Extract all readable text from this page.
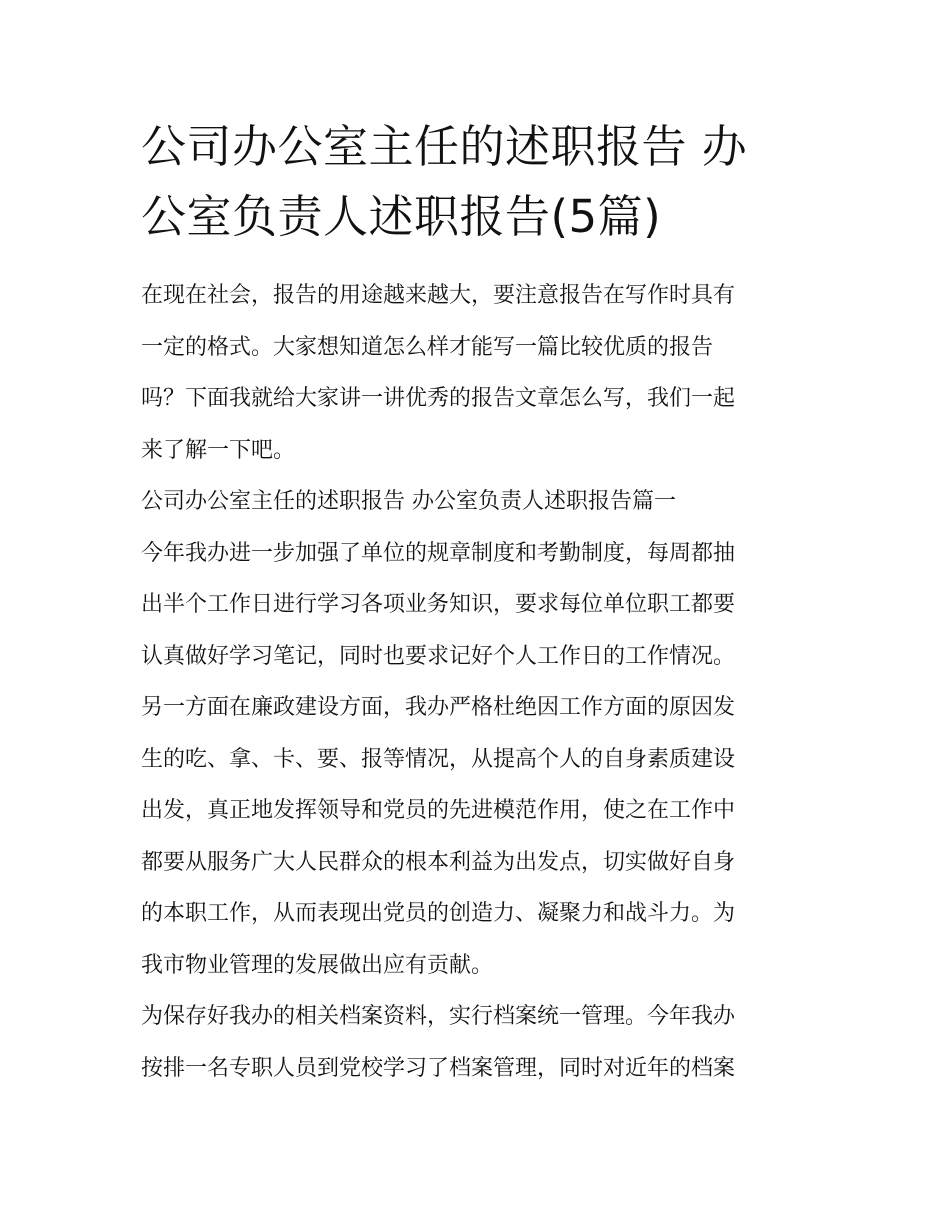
公司办公室主任的述职报告 办
公室负责人述职报告(5篇)
在现在社会，报告的用途越来越大，要注意报告在写作时具有
一定的格式。大家想知道怎么样才能写一篇比较优质的报告
吗？下面我就给大家讲一讲优秀的报告文章怎么写，我们一起
来了解一下吧。
公司办公室主任的述职报告 办公室负责人述职报告篇一
今年我办进一步加强了单位的规章制度和考勤制度，每周都抽
出半个工作日进行学习各项业务知识，要求每位单位职工都要
认真做好学习笔记，同时也要求记好个人工作日的工作情况。
另一方面在廉政建设方面，我办严格杜绝因工作方面的原因发
生的吃、拿、卡、要、报等情况，从提高个人的自身素质建设
出发，真正地发挥领导和党员的先进模范作用，使之在工作中
都要从服务广大人民群众的根本利益为出发点，切实做好自身
的本职工作，从而表现出党员的创造力、凝聚力和战斗力。为
我市物业管理的发展做出应有贡献。
为保存好我办的相关档案资料，实行档案统一管理。今年我办
按排一名专职人员到党校学习了档案管理，同时对近年的档案
